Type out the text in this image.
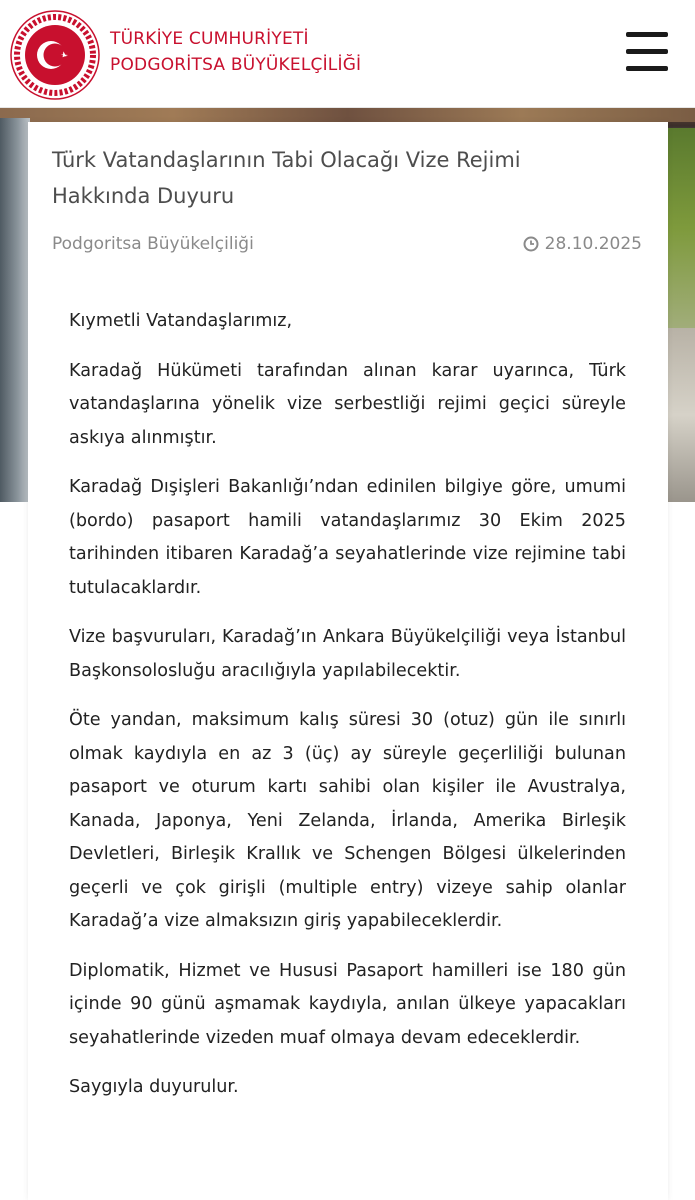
TÜRKİYE CUMHURİYETİ
PODGORİTSA BÜYÜKELÇİLİĞİ
Türk Vatandaşlarının Tabi Olacağı Vize Rejimi Hakkında Duyuru
Podgoritsa Büyükelçiliği	28.10.2025

Kıymetli Vatandaşlarımız,

Karadağ Hükümeti tarafından alınan karar uyarınca, Türk vatandaşlarına yönelik vize serbestliği rejimi geçici süreyle askıya alınmıştır.

Karadağ Dışişleri Bakanlığı’ndan edinilen bilgiye göre, umumi (bordo) pasaport hamili vatandaşlarımız 30 Ekim 2025 tarihinden itibaren Karadağ’a seyahatlerinde vize rejimine tabi tutulacaklardır.

Vize başvuruları, Karadağ’ın Ankara Büyükelçiliği veya İstanbul Başkonsolosluğu aracılığıyla yapılabilecektir.

Öte yandan, maksimum kalış süresi 30 (otuz) gün ile sınırlı olmak kaydıyla en az 3 (üç) ay süreyle geçerliliği bulunan pasaport ve oturum kartı sahibi olan kişiler ile Avustralya, Kanada, Japonya, Yeni Zelanda, İrlanda, Amerika Birleşik Devletleri, Birleşik Krallık ve Schengen Bölgesi ülkelerinden geçerli ve çok girişli (multiple entry) vizeye sahip olanlar Karadağ’a vize almaksızın giriş yapabileceklerdir.

Diplomatik, Hizmet ve Hususi Pasaport hamilleri ise 180 gün içinde 90 günü aşmamak kaydıyla, anılan ülkeye yapacakları seyahatlerinde vizeden muaf olmaya devam edeceklerdir.

Saygıyla duyurulur.
